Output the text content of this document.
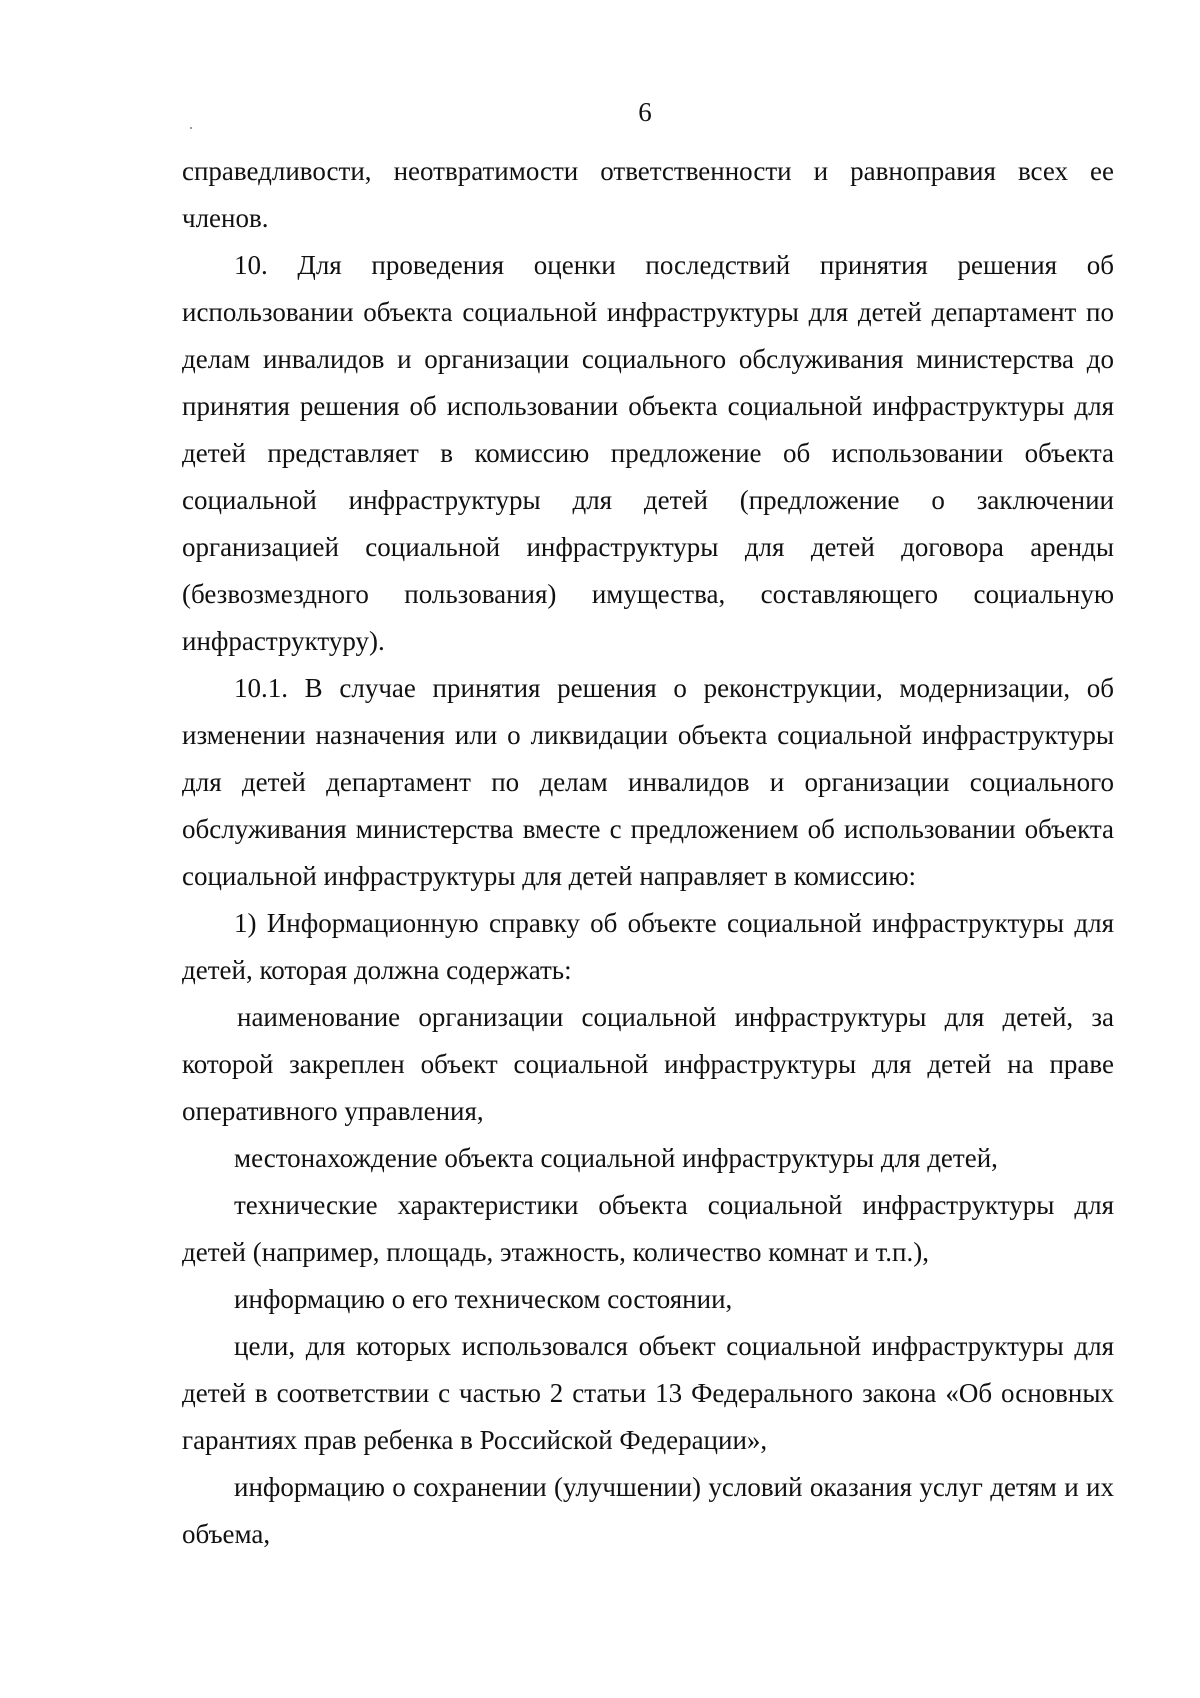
6

справедливости, неотвратимости ответственности и равноправия всех ее членов.

10. Для проведения оценки последствий принятия решения об использовании объекта социальной инфраструктуры для детей департамент по делам инвалидов и организации социального обслуживания министерства до принятия решения об использовании объекта социальной инфраструктуры для детей представляет в комиссию предложение об использовании объекта социальной инфраструктуры для детей (предложение о заключении организацией социальной инфраструктуры для детей договора аренды (безвозмездного пользования) имущества, составляющего социальную инфраструктуру).

10.1. В случае принятия решения о реконструкции, модернизации, об изменении назначения или о ликвидации объекта социальной инфраструктуры для детей департамент по делам инвалидов и организации социального обслуживания министерства вместе с предложением об использовании объекта социальной инфраструктуры для детей направляет в комиссию:

1) Информационную справку об объекте социальной инфраструктуры для детей, которая должна содержать:

наименование организации социальной инфраструктуры для детей, за которой закреплен объект социальной инфраструктуры для детей на праве оперативного управления,

местонахождение объекта социальной инфраструктуры для детей,

технические характеристики объекта социальной инфраструктуры для детей (например, площадь, этажность, количество комнат и т.п.),

информацию о его техническом состоянии,

цели, для которых использовался объект социальной инфраструктуры для детей в соответствии с частью 2 статьи 13 Федерального закона «Об основных гарантиях прав ребенка в Российской Федерации»,

информацию о сохранении (улучшении) условий оказания услуг детям и их объема,
